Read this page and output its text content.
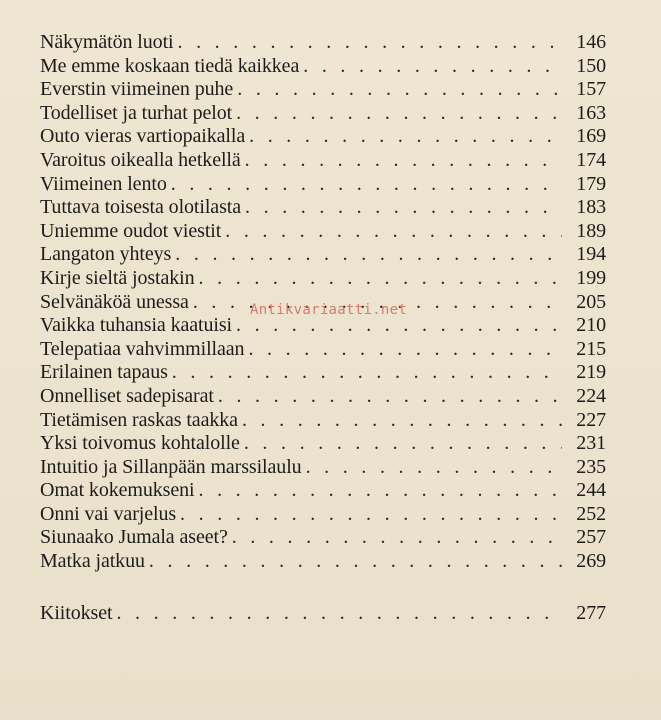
Näkymätön luoti . . .	146
Me emme koskaan tiedä kaikkea . . .	150
Everstin viimeinen puhe . . .	157
Todelliset ja turhat pelot . . .	163
Outo vieras vartiopaikalla . . .	169
Varoitus oikealla hetkellä . . .	174
Viimeinen lento . . .	179
Tuttava toisesta olotilasta . . .	183
Uniemme oudot viestit . . .	189
Langaton yhteys . . .	194
Kirje sieltä jostakin . . .	199
Selvänäköä unessa . . .	205
Vaikka tuhansia kaatuisi . . .	210
Telepatiaa vahvimmillaan . . .	215
Erilainen tapaus . . .	219
Onnelliset sadepisarat . . .	224
Tietämisen raskas taakka . . .	227
Yksi toivomus kohtalolle . . .	231
Intuitio ja Sillanpään marssilaulu . . .	235
Omat kokemukseni . . .	244
Onni vai varjelus . . .	252
Siunaako Jumala aseet? . . .	257
Matka jatkuu . . .	269
Kiitokset . . .	277
Antikvariaatti.net
